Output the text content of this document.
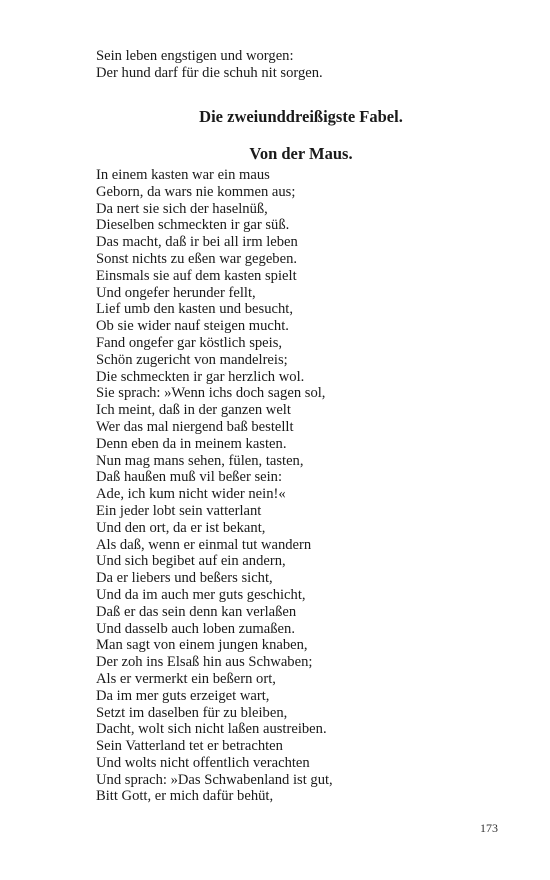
Sein leben engstigen und worgen:
Der hund darf für die schuh nit sorgen.
Die zweiunddreißigste Fabel.
Von der Maus.
In einem kasten war ein maus
Geborn, da wars nie kommen aus;
Da nert sie sich der haselnüß,
Dieselben schmeckten ir gar süß.
Das macht, daß ir bei all irm leben
Sonst nichts zu eßen war gegeben.
Einsmals sie auf dem kasten spielt
Und ongefer herunder fellt,
Lief umb den kasten und besucht,
Ob sie wider nauf steigen mucht.
Fand ongefer gar köstlich speis,
Schön zugericht von mandelreis;
Die schmeckten ir gar herzlich wol.
Sie sprach: »Wenn ichs doch sagen sol,
Ich meint, daß in der ganzen welt
Wer das mal niergend baß bestellt
Denn eben da in meinem kasten.
Nun mag mans sehen, fülen, tasten,
Daß haußen muß vil beßer sein:
Ade, ich kum nicht wider nein!«
Ein jeder lobt sein vatterlant
Und den ort, da er ist bekant,
Als daß, wenn er einmal tut wandern
Und sich begibet auf ein andern,
Da er liebers und beßers sicht,
Und da im auch mer guts geschicht,
Daß er das sein denn kan verlaßen
Und dasselb auch loben zumaßen.
Man sagt von einem jungen knaben,
Der zoh ins Elsaß hin aus Schwaben;
Als er vermerkt ein beßern ort,
Da im mer guts erzeiget wart,
Setzt im daselben für zu bleiben,
Dacht, wolt sich nicht laßen austreiben.
Sein Vatterland tet er betrachten
Und wolts nicht offentlich verachten
Und sprach: »Das Schwabenland ist gut,
Bitt Gott, er mich dafür behüt,
173
